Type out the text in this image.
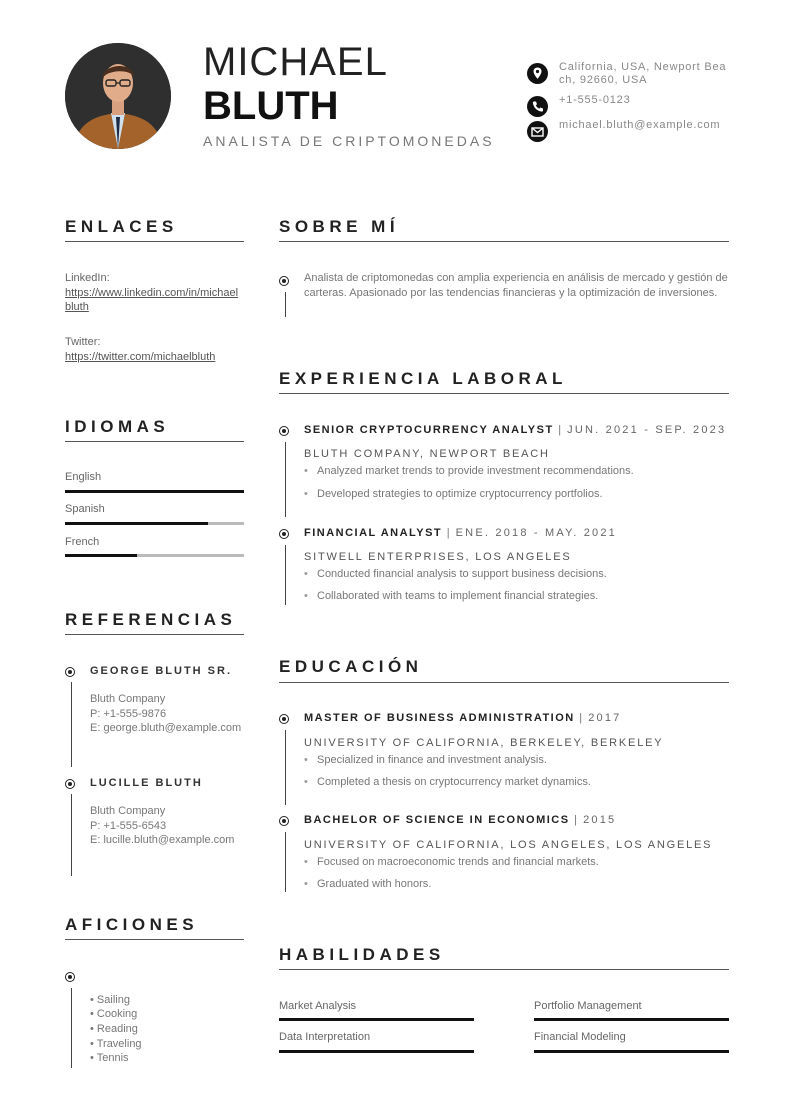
MICHAEL
BLUTH
ANALISTA DE CRIPTOMONEDAS
California, USA, Newport Beach, 92660, USA
+1-555-0123
michael.bluth@example.com
ENLACES
LinkedIn:
https://www.linkedin.com/in/michaelbluth
Twitter:
https://twitter.com/michaelbluth
IDIOMAS
English
Spanish
French
REFERENCIAS
GEORGE BLUTH SR.
Bluth Company
P: +1-555-9876
E: george.bluth@example.com
LUCILLE BLUTH
Bluth Company
P: +1-555-6543
E: lucille.bluth@example.com
AFICIONES
• Sailing
• Cooking
• Reading
• Traveling
• Tennis
SOBRE MÍ
Analista de criptomonedas con amplia experiencia en análisis de mercado y gestión de carteras. Apasionado por las tendencias financieras y la optimización de inversiones.
EXPERIENCIA LABORAL
SENIOR CRYPTOCURRENCY ANALYST | JUN. 2021 - SEP. 2023
BLUTH COMPANY, NEWPORT BEACH
• Analyzed market trends to provide investment recommendations.
• Developed strategies to optimize cryptocurrency portfolios.
FINANCIAL ANALYST | ENE. 2018 - MAY. 2021
SITWELL ENTERPRISES, LOS ANGELES
• Conducted financial analysis to support business decisions.
• Collaborated with teams to implement financial strategies.
EDUCACIÓN
MASTER OF BUSINESS ADMINISTRATION | 2017
UNIVERSITY OF CALIFORNIA, BERKELEY, BERKELEY
• Specialized in finance and investment analysis.
• Completed a thesis on cryptocurrency market dynamics.
BACHELOR OF SCIENCE IN ECONOMICS | 2015
UNIVERSITY OF CALIFORNIA, LOS ANGELES, LOS ANGELES
• Focused on macroeconomic trends and financial markets.
• Graduated with honors.
HABILIDADES
Market Analysis	Portfolio Management
Data Interpretation	Financial Modeling
